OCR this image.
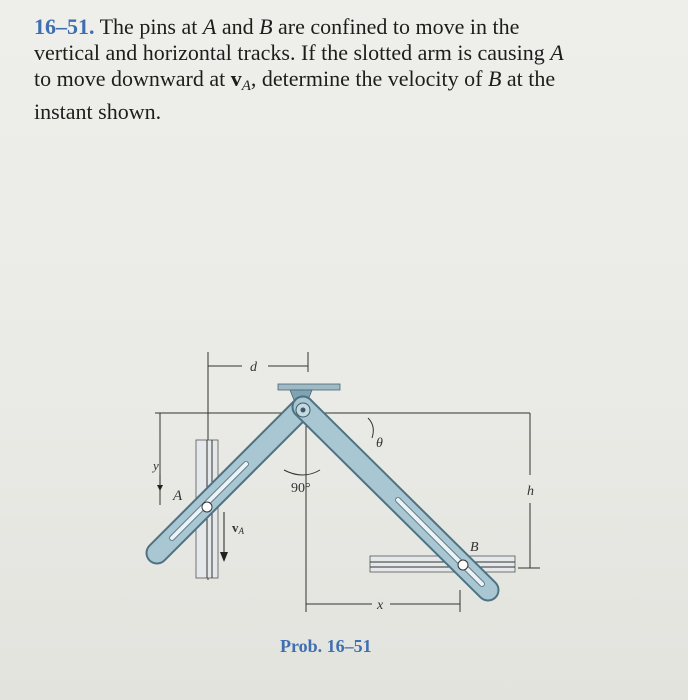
16–51. The pins at A and B are confined to move in the
vertical and horizontal tracks. If the slotted arm is causing A
to move downward at $v_A$, determine the velocity of B at the
instant shown.
d
y
A
vA
90°
θ
h
B
x
Prob. 16–51
